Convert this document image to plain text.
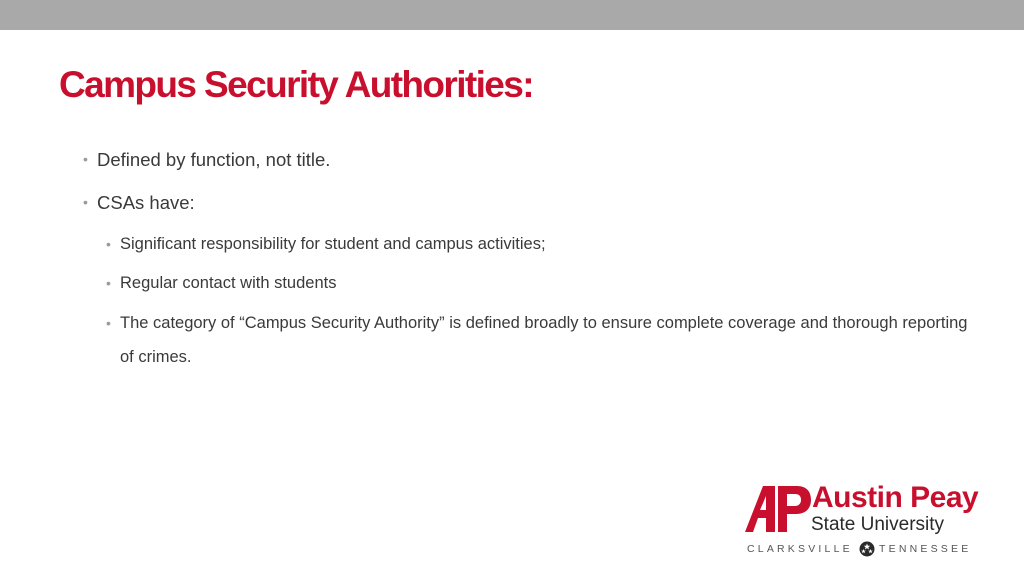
Campus Security Authorities:
• Defined by function, not title.
• CSAs have:
• Significant responsibility for student and campus activities;
• Regular contact with students
• The category of “Campus Security Authority” is defined broadly to ensure complete coverage and thorough reporting of crimes.
Austin Peay
State University
CLARKSVILLE TENNESSEE
